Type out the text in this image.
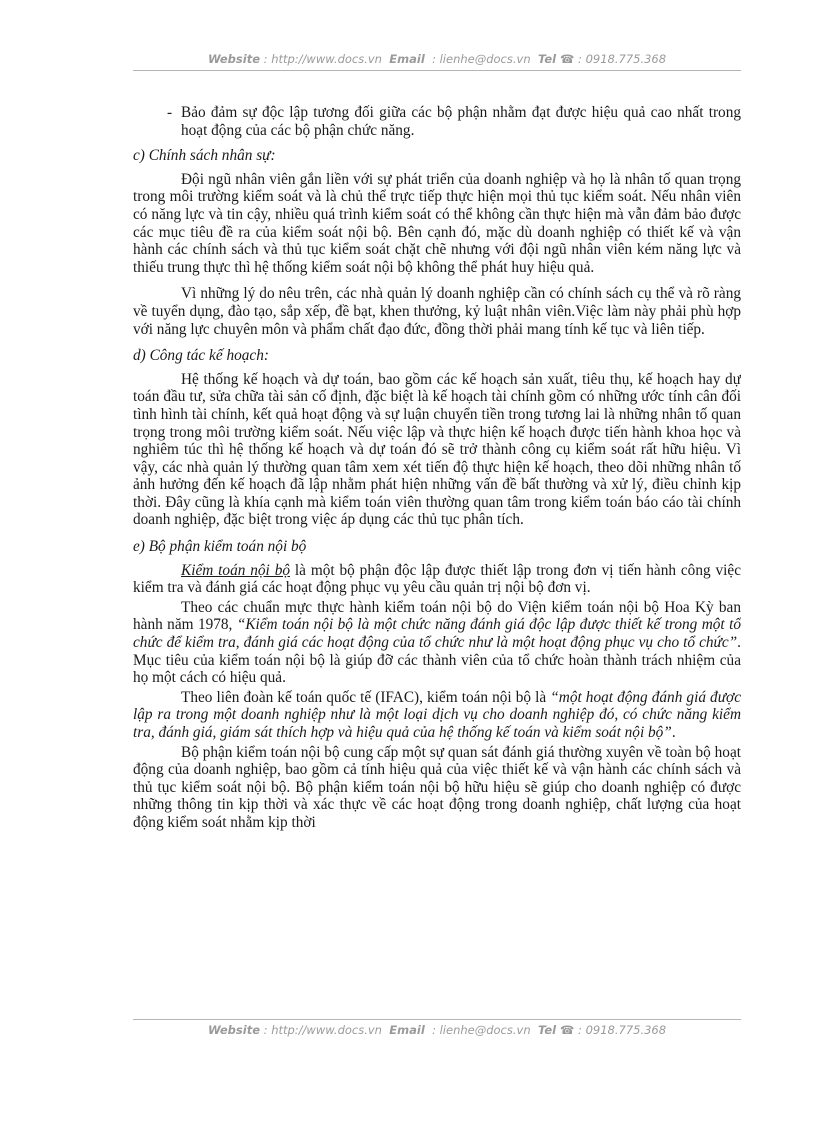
Website : http://www.docs.vn Email : lienhe@docs.vn Tel ☎ : 0918.775.368
- Bảo đảm sự độc lập tương đối giữa các bộ phận nhằm đạt được hiệu quả cao nhất trong hoạt động của các bộ phận chức năng.
c) Chính sách nhân sự:

Đội ngũ nhân viên gắn liền với sự phát triển của doanh nghiệp và họ là nhân tố quan trọng trong môi trường kiểm soát và là chủ thể trực tiếp thực hiện mọi thủ tục kiểm soát. Nếu nhân viên có năng lực và tin cậy, nhiều quá trình kiểm soát có thể không cần thực hiện mà vẫn đảm bảo được các mục tiêu đề ra của kiểm soát nội bộ. Bên cạnh đó, mặc dù doanh nghiệp có thiết kế và vận hành các chính sách và thủ tục kiểm soát chặt chẽ nhưng với đội ngũ nhân viên kém năng lực và thiếu trung thực thì hệ thống kiểm soát nội bộ không thể phát huy hiệu quả.

Vì những lý do nêu trên, các nhà quản lý doanh nghiệp cần có chính sách cụ thể và rõ ràng về tuyển dụng, đào tạo, sắp xếp, đề bạt, khen thưởng, kỷ luật nhân viên.Việc làm này phải phù hợp với năng lực chuyên môn và phẩm chất đạo đức, đồng thời phải mang tính kế tục và liên tiếp.

d) Công tác kế hoạch:

Hệ thống kế hoạch và dự toán, bao gồm các kế hoạch sản xuất, tiêu thụ, kế hoạch hay dự toán đầu tư, sửa chữa tài sản cố định, đặc biệt là kế hoạch tài chính gồm có những ước tính cân đối tình hình tài chính, kết quả hoạt động và sự luận chuyển tiền trong tương lai là những nhân tố quan trọng trong môi trường kiểm soát. Nếu việc lập và thực hiện kế hoạch được tiến hành khoa học và nghiêm túc thì hệ thống kế hoạch và dự toán đó sẽ trở thành công cụ kiểm soát rất hữu hiệu. Vì vậy, các nhà quản lý thường quan tâm xem xét tiến độ thực hiện kế hoạch, theo dõi những nhân tố ảnh hưởng đến kế hoạch đã lập nhằm phát hiện những vấn đề bất thường và xử lý, điều chỉnh kịp thời. Đây cũng là khía cạnh mà kiểm toán viên thường quan tâm trong kiểm toán báo cáo tài chính doanh nghiệp, đặc biệt trong việc áp dụng các thủ tục phân tích.

e) Bộ phận kiểm toán nội bộ

Kiểm toán nội bộ là một bộ phận độc lập được thiết lập trong đơn vị tiến hành công việc kiểm tra và đánh giá các hoạt động phục vụ yêu cầu quản trị nội bộ đơn vị.

Theo các chuẩn mực thực hành kiểm toán nội bộ do Viện kiểm toán nội bộ Hoa Kỳ ban hành năm 1978, “Kiểm toán nội bộ là một chức năng đánh giá độc lập được thiết kế trong một tổ chức để kiểm tra, đánh giá các hoạt động của tổ chức như là một hoạt động phục vụ cho tổ chức”. Mục tiêu của kiểm toán nội bộ là giúp đỡ các thành viên của tổ chức hoàn thành trách nhiệm của họ một cách có hiệu quả.

Theo liên đoàn kế toán quốc tế (IFAC), kiểm toán nội bộ là “một hoạt động đánh giá được lập ra trong một doanh nghiệp như là một loại dịch vụ cho doanh nghiệp đó, có chức năng kiểm tra, đánh giá, giám sát thích hợp và hiệu quả của hệ thống kế toán và kiểm soát nội bộ”.

Bộ phận kiểm toán nội bộ cung cấp một sự quan sát đánh giá thường xuyên về toàn bộ hoạt động của doanh nghiệp, bao gồm cả tính hiệu quả của việc thiết kế và vận hành các chính sách và thủ tục kiểm soát nội bộ. Bộ phận kiểm toán nội bộ hữu hiệu sẽ giúp cho doanh nghiệp có được những thông tin kịp thời và xác thực về các hoạt động trong doanh nghiệp, chất lượng của hoạt động kiểm soát nhằm kịp thời

Website : http://www.docs.vn Email : lienhe@docs.vn Tel ☎ : 0918.775.368
